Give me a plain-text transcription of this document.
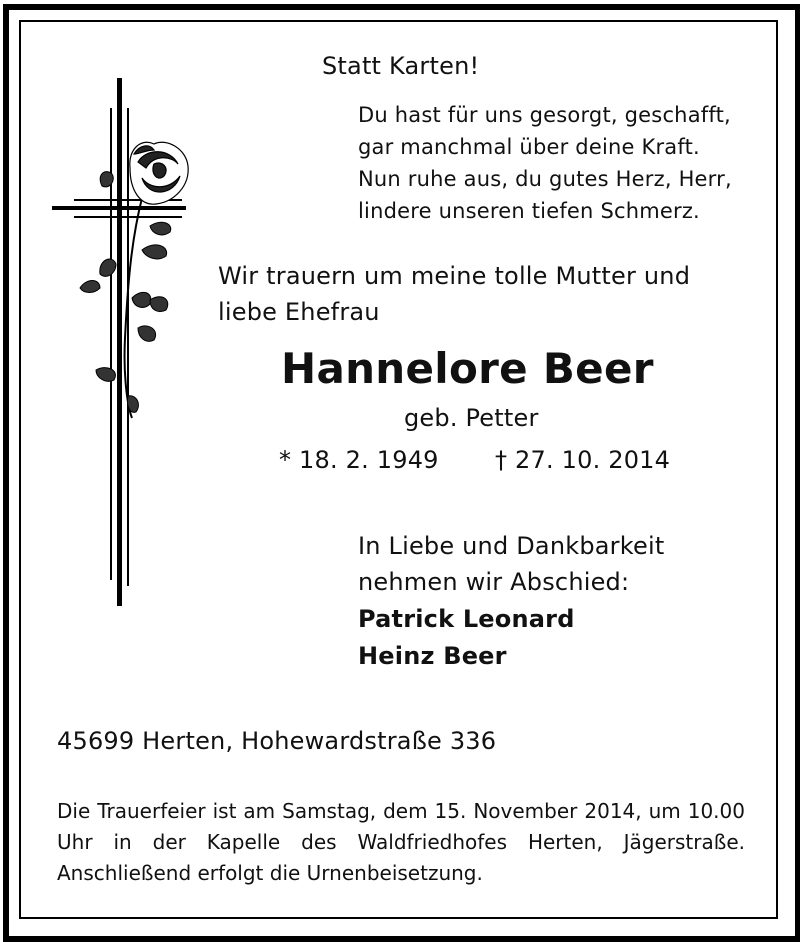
Statt Karten!
Du hast für uns gesorgt, geschafft,
gar manchmal über deine Kraft.
Nun ruhe aus, du gutes Herz, Herr,
lindere unseren tiefen Schmerz.
Wir trauern um meine tolle Mutter und
liebe Ehefrau
Hannelore Beer
geb. Petter
* 18. 2. 1949 † 27. 10. 2014
In Liebe und Dankbarkeit
nehmen wir Abschied:
Patrick Leonard
Heinz Beer
45699 Herten, Hohewardstraße 336
Die Trauerfeier ist am Samstag, dem 15. November 2014, um 10.00 Uhr in der Kapelle des Waldfriedhofes Herten, Jägerstraße. Anschließend erfolgt die Urnenbeisetzung.
